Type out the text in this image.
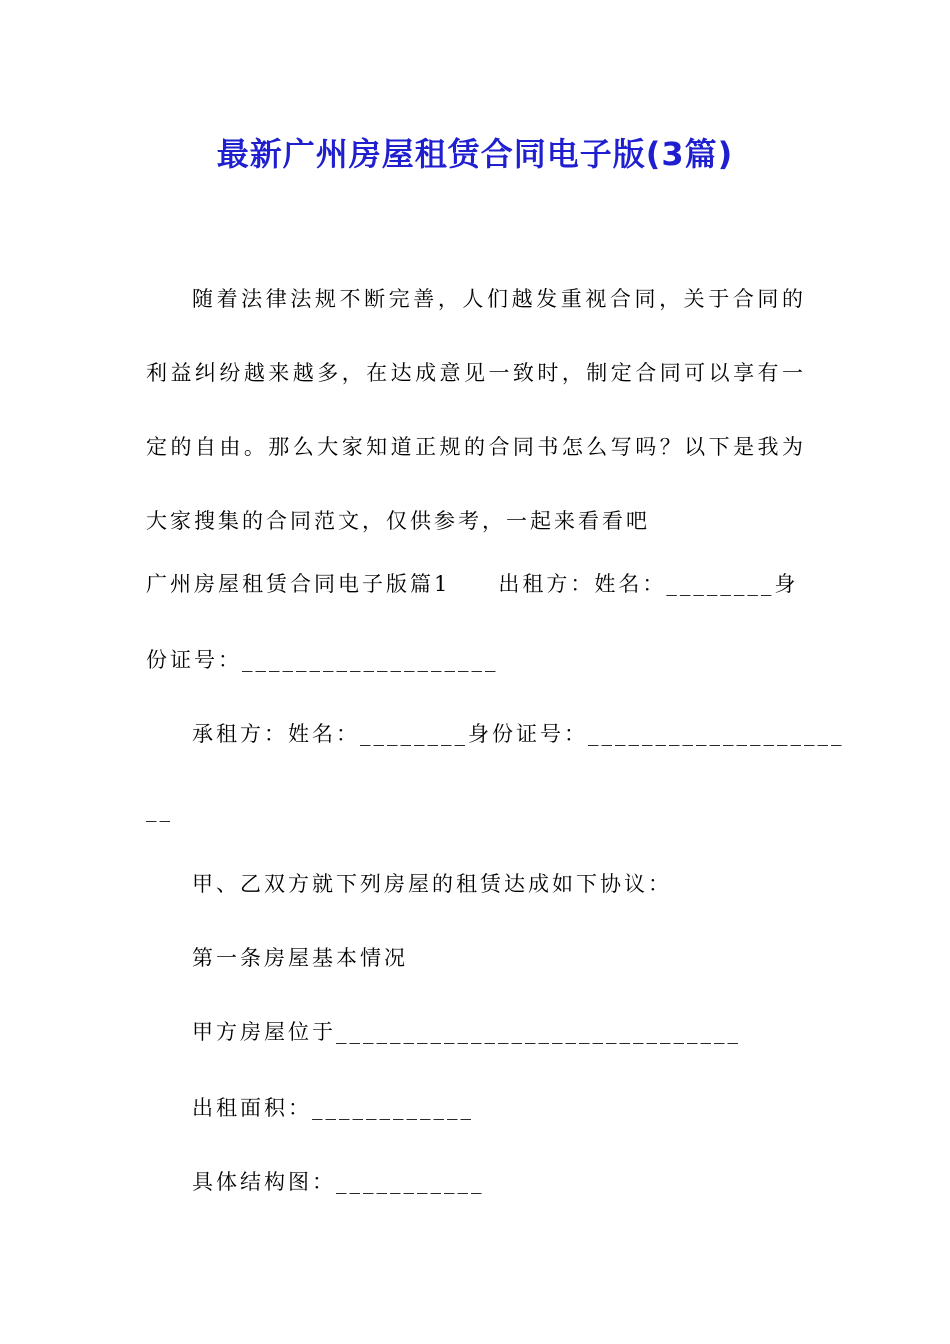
最新广州房屋租赁合同电子版(3篇)

随着法律法规不断完善，人们越发重视合同，关于合同的利益纠纷越来越多，在达成意见一致时，制定合同可以享有一定的自由。那么大家知道正规的合同书怎么写吗？以下是我为大家搜集的合同范文，仅供参考，一起来看看吧

广州房屋租赁合同电子版篇1　　出租方：姓名：________身

份证号：___________________

承租方：姓名：________身份证号：___________________

__

甲、乙双方就下列房屋的租赁达成如下协议：

第一条房屋基本情况

甲方房屋位于______________________________

出租面积：____________

具体结构图：___________
